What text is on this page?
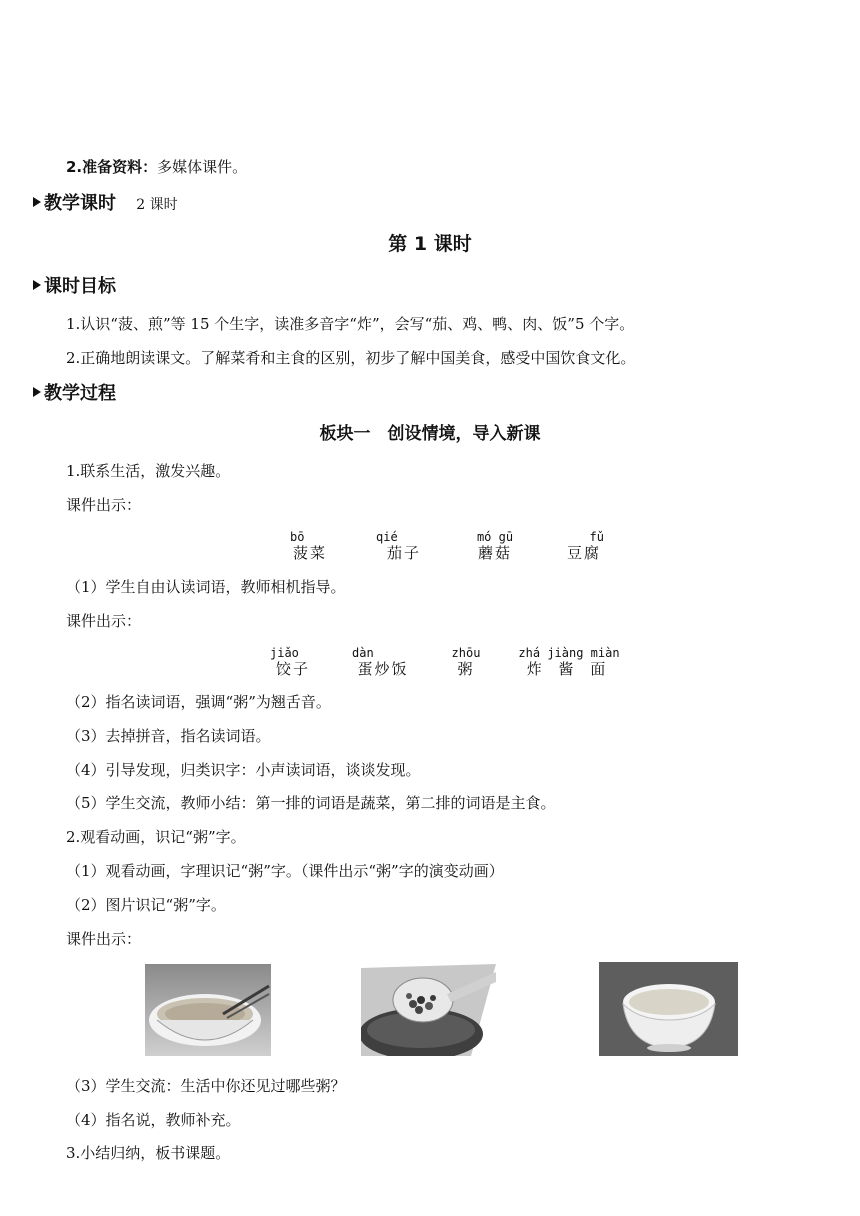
2.准备资料：多媒体课件。
教学课时 2 课时
第 1 课时
课时目标
1.认识“菠、煎”等 15 个生字，读准多音字“炸”，会写“茄、鸡、鸭、肉、饭”5 个字。
2.正确地朗读课文。了解菜肴和主食的区别，初步了解中国美食，感受中国饮食文化。
教学过程
板块一　创设情境，导入新课
1.联系生活，激发兴趣。
课件出示：
bō
菠菜
qié
茄子
mó gū
蘑菇
fǔ
豆腐
（1）学生自由认读词语，教师相机指导。
课件出示：
jiǎo
饺子
dàn
蛋炒饭
zhōu
粥
zhá jiàng miàn
炸 酱 面
（2）指名读词语，强调“粥”为翘舌音。
（3）去掉拼音，指名读词语。
（4）引导发现，归类识字：小声读词语，谈谈发现。
（5）学生交流，教师小结：第一排的词语是蔬菜，第二排的词语是主食。
2.观看动画，识记“粥”字。
（1）观看动画，字理识记“粥”字。（课件出示“粥”字的演变动画）
（2）图片识记“粥”字。
课件出示：
（3）学生交流：生活中你还见过哪些粥？
（4）指名说，教师补充。
3.小结归纳，板书课题。
